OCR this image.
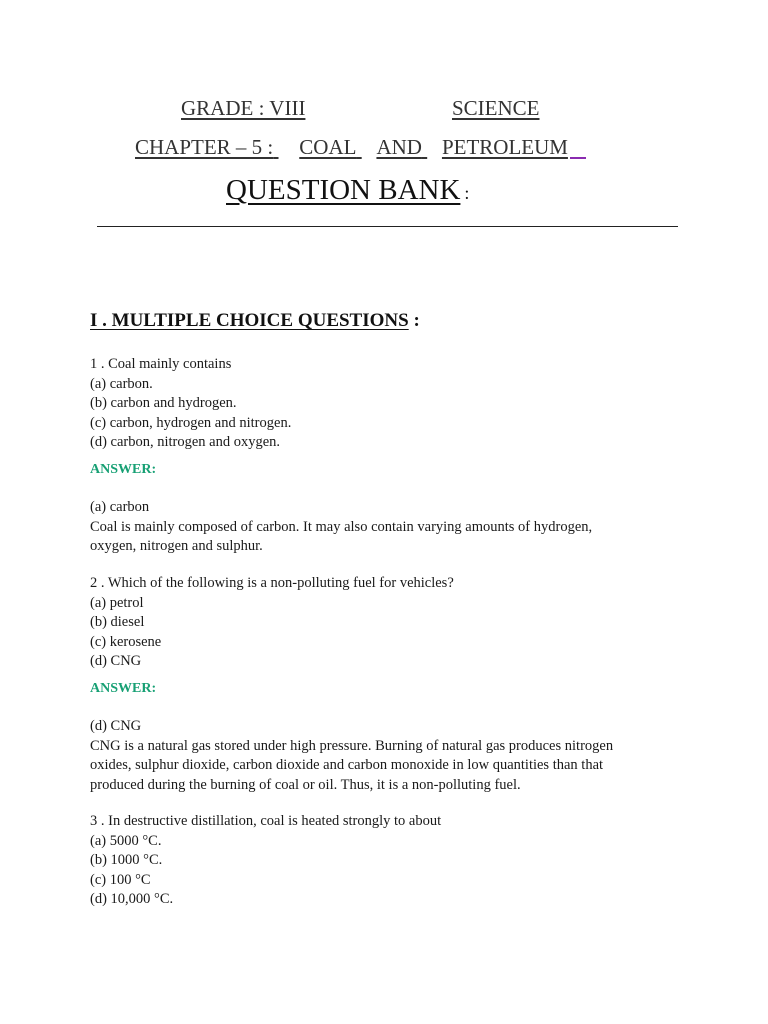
GRADE : VIII	SCIENCE
CHAPTER – 5 : COAL AND PETROLEUM
QUESTION BANK :
I . MULTIPLE CHOICE QUESTIONS :
1 . Coal mainly contains
(a) carbon.
(b) carbon and hydrogen.
(c) carbon, hydrogen and nitrogen.
(d) carbon, nitrogen and oxygen.
ANSWER:
(a) carbon
Coal is mainly composed of carbon. It may also contain varying amounts of hydrogen,
oxygen, nitrogen and sulphur.
2 . Which of the following is a non-polluting fuel for vehicles?
(a) petrol
(b) diesel
(c) kerosene
(d) CNG
ANSWER:
(d) CNG
CNG is a natural gas stored under high pressure. Burning of natural gas produces nitrogen
oxides, sulphur dioxide, carbon dioxide and carbon monoxide in low quantities than that
produced during the burning of coal or oil. Thus, it is a non-polluting fuel.
3 . In destructive distillation, coal is heated strongly to about
(a) 5000 °C.
(b) 1000 °C.
(c) 100 °C
(d) 10,000 °C.
